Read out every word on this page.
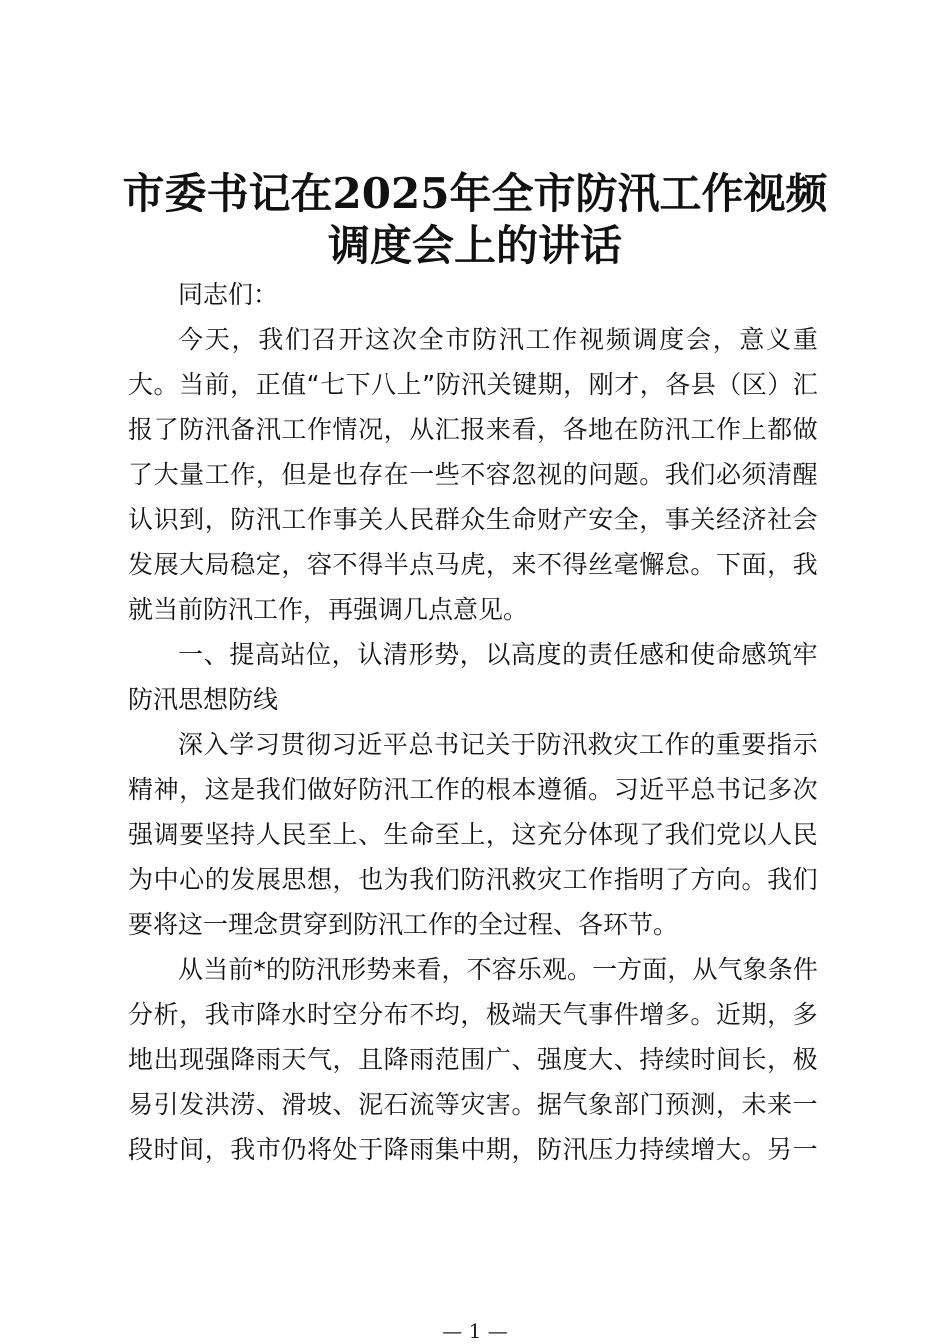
市委书记在2025年全市防汛工作视频
调度会上的讲话
同志们：
今 天 ， 我 们 召 开 这 次 全 市 防 汛 工 作 视 频 调 度 会 ， 意 义 重
大 。 当 前 ， 正 值 “ 七 下 八 上 ” 防 汛 关 键 期 ， 刚 才 ， 各 县 （ 区 ） 汇
报 了 防 汛 备 汛 工 作 情 况 ， 从 汇 报 来 看 ， 各 地 在 防 汛 工 作 上 都 做
了 大 量 工 作 ， 但 是 也 存 在 一 些 不 容 忽 视 的 问 题 。 我 们 必 须 清 醒
认 识 到 ， 防 汛 工 作 事 关 人 民 群 众 生 命 财 产 安 全 ， 事 关 经 济 社 会
发 展 大 局 稳 定 ， 容 不 得 半 点 马 虎 ， 来 不 得 丝 毫 懈 怠 。 下 面 ， 我
就当前防汛工作，再强调几点意见。
一 、 提 高 站 位 ， 认 清 形 势 ， 以 高 度 的 责 任 感 和 使 命 感 筑 牢
防汛思想防线
深 入 学 习 贯 彻 习 近 平 总 书 记 关 于 防 汛 救 灾 工 作 的 重 要 指 示
精 神 ， 这 是 我 们 做 好 防 汛 工 作 的 根 本 遵 循 。 习 近 平 总 书 记 多 次
强 调 要 坚 持 人 民 至 上 、 生 命 至 上 ， 这 充 分 体 现 了 我 们 党 以 人 民
为 中 心 的 发 展 思 想 ， 也 为 我 们 防 汛 救 灾 工 作 指 明 了 方 向 。 我 们
要将这一理念贯穿到防汛工作的全过程、各环节。
从 当 前 * 的 防 汛 形 势 来 看 ， 不 容 乐 观 。 一 方 面 ， 从 气 象 条 件
分 析 ， 我 市 降 水 时 空 分 布 不 均 ， 极 端 天 气 事 件 增 多 。 近 期 ， 多
地 出 现 强 降 雨 天 气 ， 且 降 雨 范 围 广 、 强 度 大 、 持 续 时 间 长 ， 极
易 引 发 洪 涝 、 滑 坡 、 泥 石 流 等 灾 害 。 据 气 象 部 门 预 测 ， 未 来 一
段 时 间 ， 我 市 仍 将 处 于 降 雨 集 中 期 ， 防 汛 压 力 持 续 增 大 。 另 一
— 1 —
